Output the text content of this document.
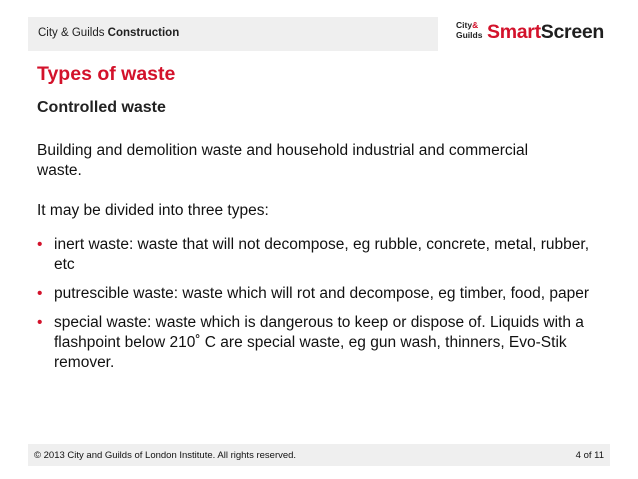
City & Guilds Construction
City&
Guilds SmartScreen
Types of waste
Controlled waste
Building and demolition waste and household industrial and commercial waste.
It may be divided into three types:
• inert waste: waste that will not decompose, eg rubble, concrete, metal, rubber, etc
• putrescible waste: waste which will rot and decompose, eg timber, food, paper
• special waste: waste which is dangerous to keep or dispose of. Liquids with a flashpoint below 210˚ C are special waste, eg gun wash, thinners, Evo-Stik remover.
© 2013 City and Guilds of London Institute. All rights reserved.	4 of 11
